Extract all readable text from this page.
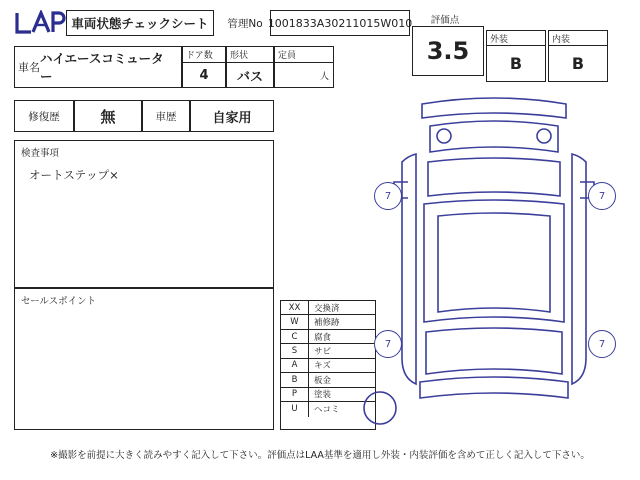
車両状態チェックシート	管理No 1001833A30211015W010	評価点
3.5	外装
B
内装
B
車名
ハイエースコミュータ
ー
ドア数
4
形状
バス
定員
人
修復歴	無	車歴	自家用
検査事項
オートステップ×
セールスポイント
XX	交換済
W	補修跡
C	腐食
S	サビ
A	キズ
B	板金
P	塗装
U	ヘコミ
7	7
7	7
※撮影を前提に大きく読みやすく記入して下さい。評価点はLAA基準を適用し外装・内装評価を含めて正しく記入して下さい。
